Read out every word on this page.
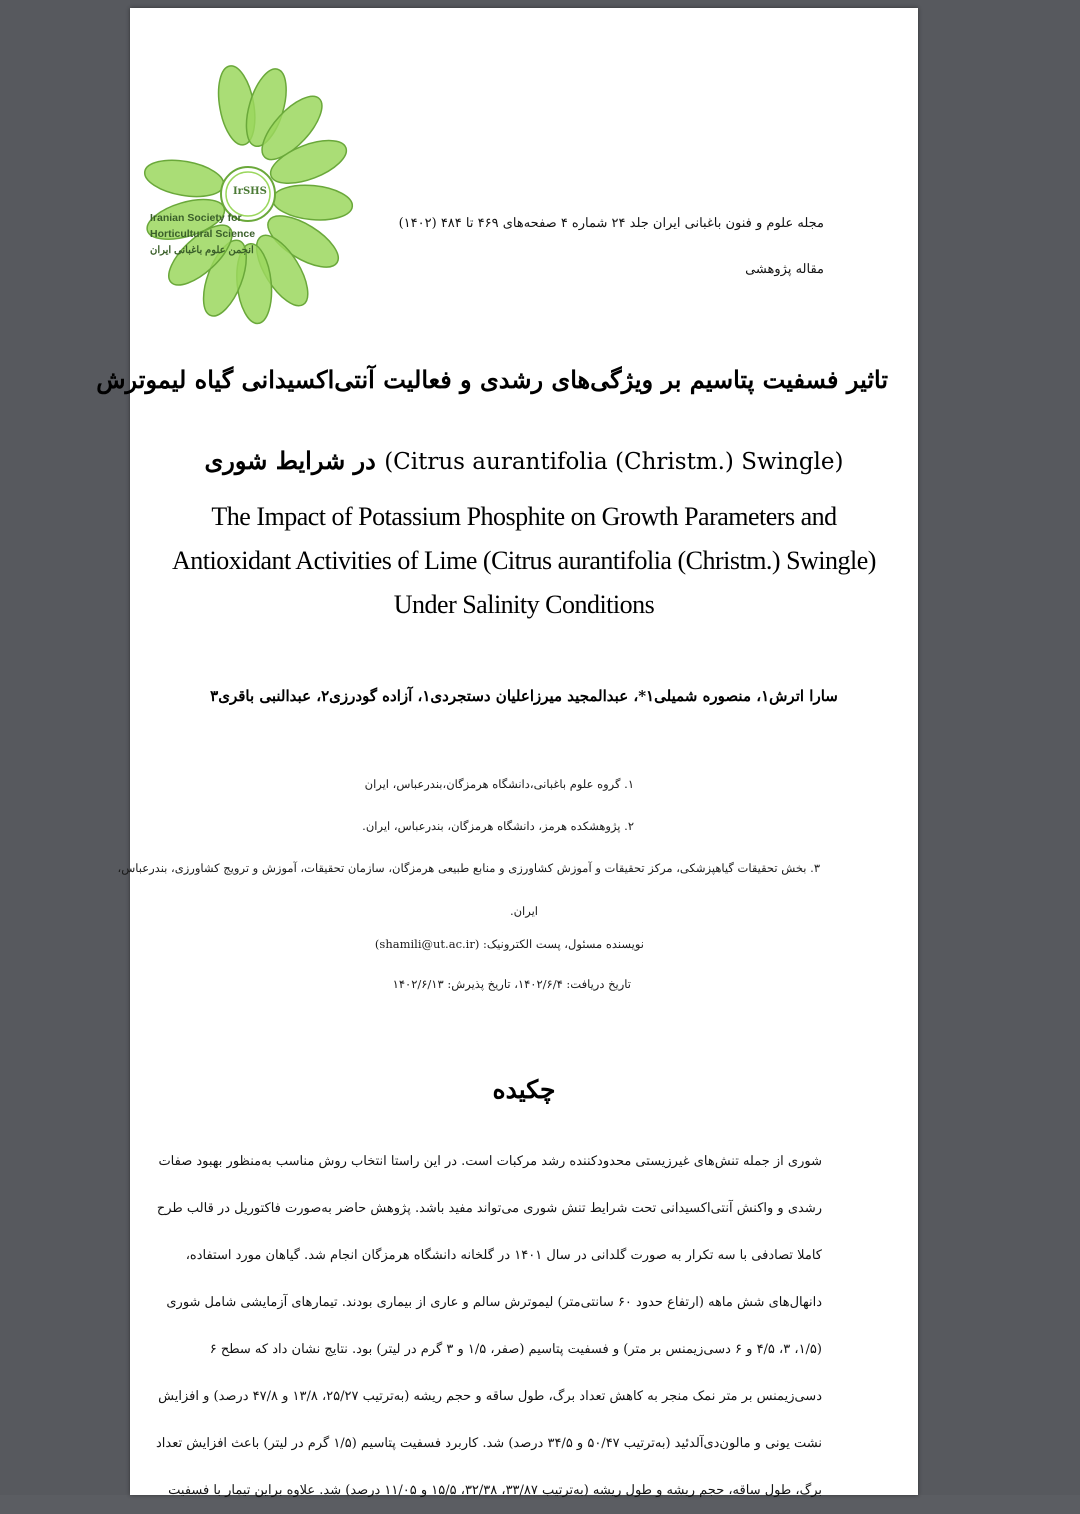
IrSHS
Iranian Society for
Horticultural Science
انجمن علوم باغبانی ایران
مجله علوم و فنون باغبانی ایران جلد ۲۴ شماره ۴ صفحه‌های ۴۶۹ تا ۴۸۴ (۱۴۰۲)
مقاله پژوهشی
تاثیر فسفیت پتاسیم بر ویژگی‌های رشدی و فعالیت آنتی‌اکسیدانی گیاه لیموترش
(Citrus aurantifolia (Christm.) Swingle) در شرایط شوری
The Impact of Potassium Phosphite on Growth Parameters and
Antioxidant Activities of Lime (Citrus aurantifolia (Christm.) Swingle)
Under Salinity Conditions
سارا اترش۱، منصوره شمیلی۱*، عبدالمجید میرزاعلیان دستجردی۱، آزاده گودرزی۲، عبدالنبی باقری۳
۱. گروه علوم باغبانی،دانشگاه هرمزگان،بندرعباس، ایران
۲. پژوهشکده هرمز، دانشگاه هرمزگان، بندرعباس، ایران.
۳. بخش تحقیقات گیاهپزشکی، مرکز تحقیقات و آموزش کشاورزی و منابع طبیعی هرمزگان، سازمان تحقیقات، آموزش و ترویج کشاورزی، بندرعباس،
ایران.
نویسنده مسئول، پست الکترونیک: (shamili@ut.ac.ir)
تاریخ دریافت: ۱۴۰۲/۶/۴، تاریخ پذیرش: ۱۴۰۲/۶/۱۳
چکیده
شوری از جمله تنش‌های غیرزیستی محدودکننده رشد مرکبات است. در این راستا انتخاب روش مناسب به‌منظور بهبود صفات
رشدی و واکنش آنتی‌اکسیدانی تحت شرایط تنش شوری می‌تواند مفید باشد. پژوهش حاضر به‌صورت فاکتوریل در قالب طرح
کاملا تصادفی با سه تکرار به صورت گلدانی در سال ۱۴۰۱ در گلخانه دانشگاه هرمزگان انجام شد. گیاهان مورد استفاده،
دانهال‌های شش ماهه (ارتفاع حدود ۶۰ سانتی‌متر) لیموترش سالم و عاری از بیماری بودند. تیمارهای آزمایشی شامل شوری
(۱/۵، ۳، ۴/۵ و ۶ دسی‌زیمنس بر متر) و فسفیت پتاسیم (صفر، ۱/۵ و ۳ گرم در لیتر) بود. نتایج نشان داد که سطح ۶
دسی‌زیمنس بر متر نمک منجر به کاهش تعداد برگ، طول ساقه و حجم ریشه (به‌ترتیب ۲۵/۲۷، ۱۳/۸ و ۴۷/۸ درصد) و افزایش
نشت یونی و مالون‌دی‌آلدئید (به‌ترتیب ۵۰/۴۷ و ۳۴/۵ درصد) شد. کاربرد فسفیت پتاسیم (۱/۵ گرم در لیتر) باعث افزایش تعداد
برگ، طول ساقه، حجم ریشه و طول ریشه (به‌ترتیب ۳۳/۸۷، ۳۲/۳۸، ۱۵/۵ و ۱۱/۰۵ درصد) شد. علاوه براین تیمار با فسفیت
